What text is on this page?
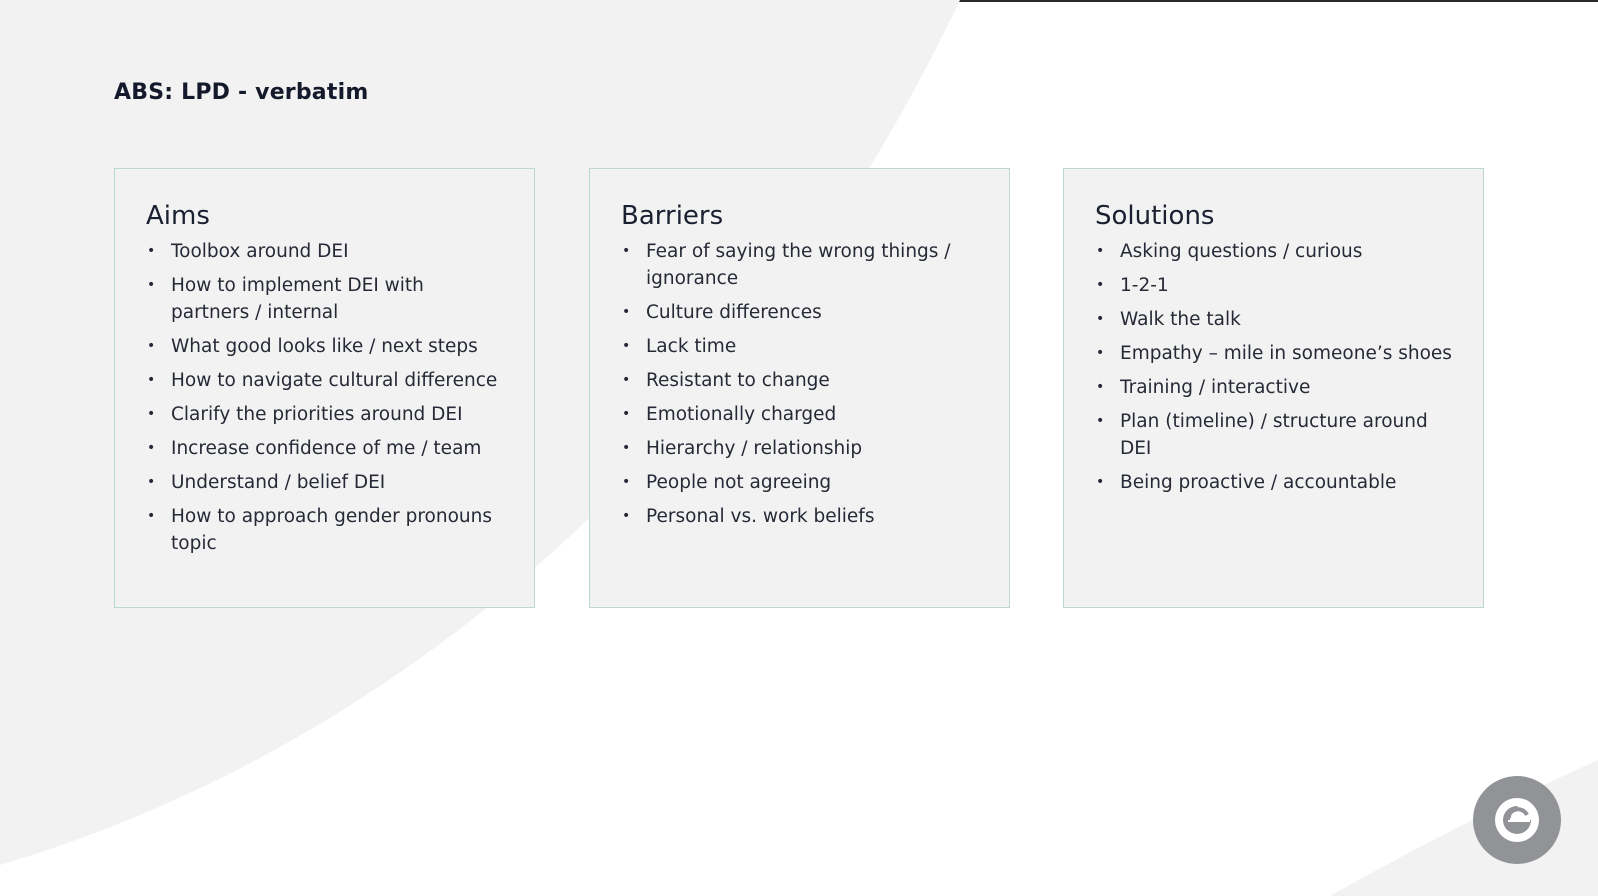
ABS: LPD - verbatim
Aims
• Toolbox around DEI
• How to implement DEI with partners / internal
• What good looks like / next steps
• How to navigate cultural difference
• Clarify the priorities around DEI
• Increase confidence of me / team
• Understand / belief DEI
• How to approach gender pronouns topic
Barriers
• Fear of saying the wrong things / ignorance
• Culture differences
• Lack time
• Resistant to change
• Emotionally charged
• Hierarchy / relationship
• People not agreeing
• Personal vs. work beliefs
Solutions
• Asking questions / curious
• 1-2-1
• Walk the talk
• Empathy – mile in someone’s shoes
• Training / interactive
• Plan (timeline) / structure around DEI
• Being proactive / accountable
